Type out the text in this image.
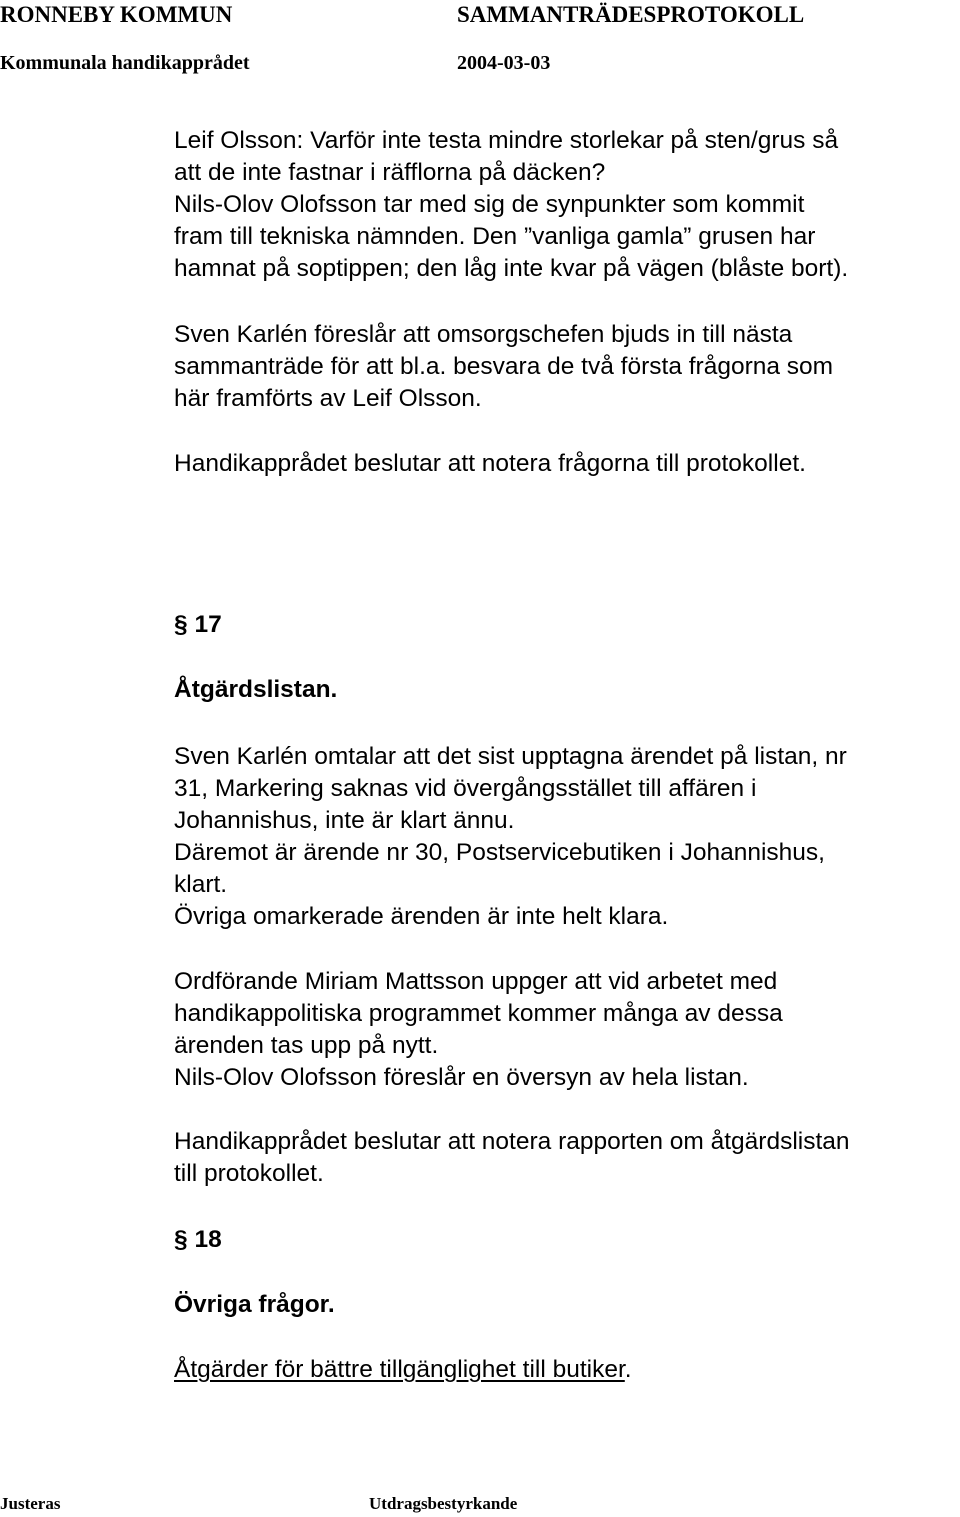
RONNEBY KOMMUN	SAMMANTRÄDESPROTOKOLL
Kommunala handikapprådet	2004-03-03
Leif Olsson: Varför inte testa mindre storlekar på sten/grus så
att de inte fastnar i räfflorna på däcken?
Nils-Olov Olofsson tar med sig de synpunkter som kommit
fram till tekniska nämnden. Den ”vanliga gamla” grusen har
hamnat på soptippen; den låg inte kvar på vägen (blåste bort).
Sven Karlén föreslår att omsorgschefen bjuds in till nästa
sammanträde för att bl.a. besvara de två första frågorna som
här framförts av Leif Olsson.
Handikapprådet beslutar att notera frågorna till protokollet.
§ 17
Åtgärdslistan.
Sven Karlén omtalar att det sist upptagna ärendet på listan, nr
31, Markering saknas vid övergångsstället till affären i
Johannishus, inte är klart ännu.
Däremot är ärende nr 30, Postservicebutiken i Johannishus,
klart.
Övriga omarkerade ärenden är inte helt klara.
Ordförande Miriam Mattsson uppger att vid arbetet med
handikappolitiska programmet kommer många av dessa
ärenden tas upp på nytt.
Nils-Olov Olofsson föreslår en översyn av hela listan.
Handikapprådet beslutar att notera rapporten om åtgärdslistan
till protokollet.
§ 18
Övriga frågor.
Åtgärder för bättre tillgänglighet till butiker.
Justeras	Utdragsbestyrkande
